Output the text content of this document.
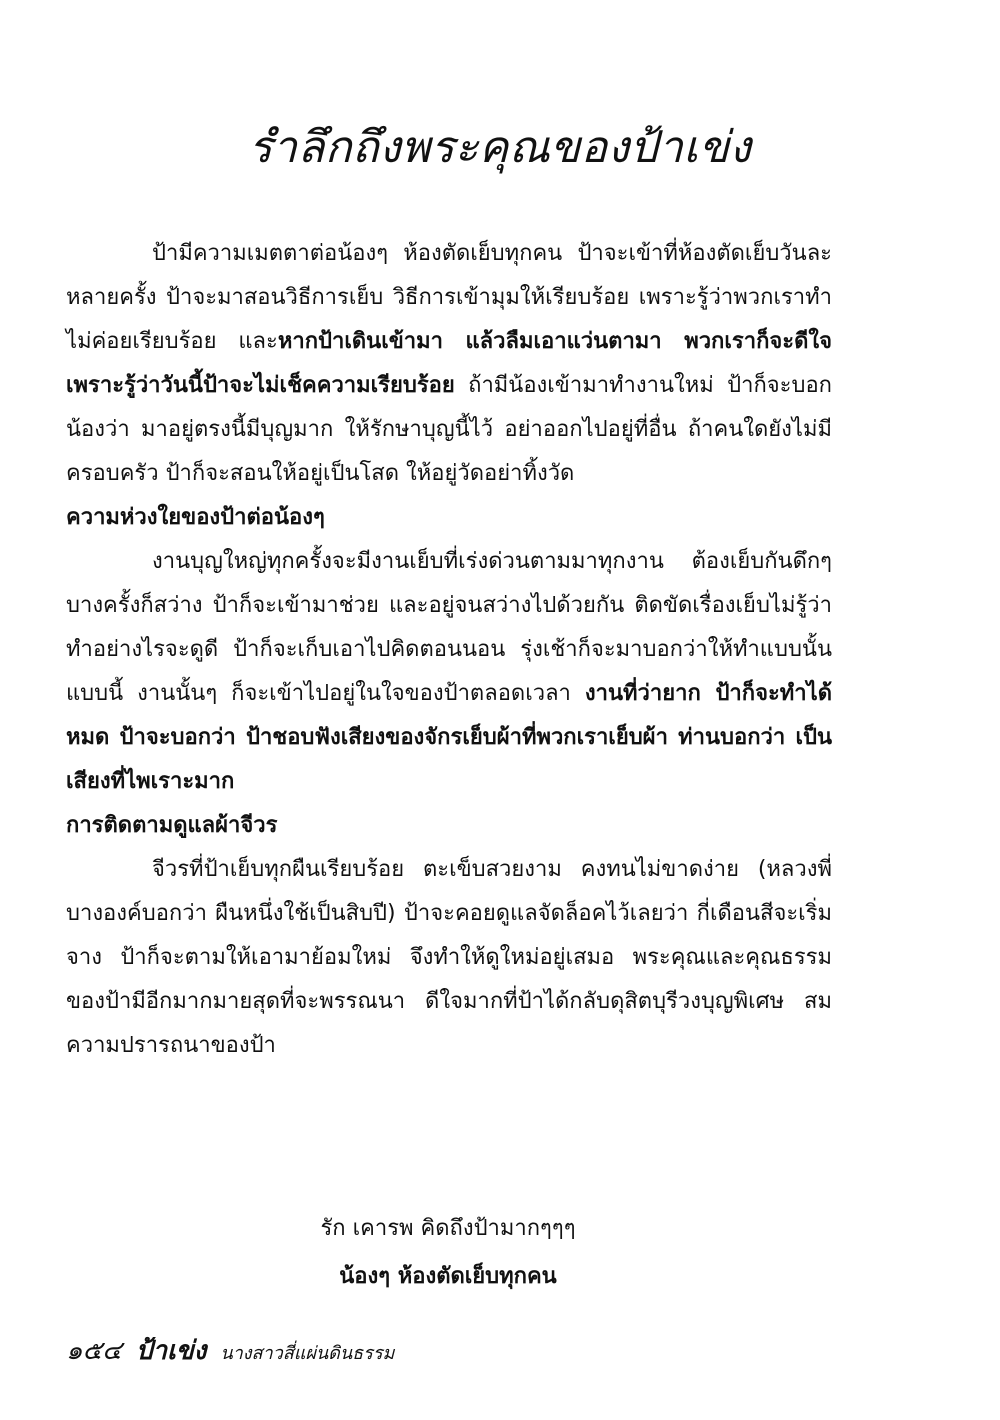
รำลึกถึงพระคุณของป้าเข่ง

ป้ามีความเมตตาต่อน้องๆ ห้องตัดเย็บทุกคน ป้าจะเข้าที่ห้องตัดเย็บวันละหลายครั้ง ป้าจะมาสอนวิธีการเย็บ วิธีการเข้ามุมให้เรียบร้อย เพราะรู้ว่าพวกเราทำไม่ค่อยเรียบร้อย และหากป้าเดินเข้ามา แล้วลืมเอาแว่นตามา พวกเราก็จะดีใจ เพราะรู้ว่าวันนี้ป้าจะไม่เช็คความเรียบร้อย ถ้ามีน้องเข้ามาทำงานใหม่ ป้าก็จะบอกน้องว่า มาอยู่ตรงนี้มีบุญมาก ให้รักษาบุญนี้ไว้ อย่าออกไปอยู่ที่อื่น ถ้าคนใดยังไม่มีครอบครัว ป้าก็จะสอนให้อยู่เป็นโสด ให้อยู่วัดอย่าทิ้งวัด

ความห่วงใยของป้าต่อน้องๆ

งานบุญใหญ่ทุกครั้งจะมีงานเย็บที่เร่งด่วนตามมาทุกงาน ต้องเย็บกันดึกๆ บางครั้งก็สว่าง ป้าก็จะเข้ามาช่วย และอยู่จนสว่างไปด้วยกัน ติดขัดเรื่องเย็บไม่รู้ว่าทำอย่างไรจะดูดี ป้าก็จะเก็บเอาไปคิดตอนนอน รุ่งเช้าก็จะมาบอกว่าให้ทำแบบนั้นแบบนี้ งานนั้นๆ ก็จะเข้าไปอยู่ในใจของป้าตลอดเวลา งานที่ว่ายาก ป้าก็จะทำได้หมด ป้าจะบอกว่า ป้าชอบฟังเสียงของจักรเย็บผ้าที่พวกเราเย็บผ้า ท่านบอกว่า เป็นเสียงที่ไพเราะมาก

การติดตามดูแลผ้าจีวร

จีวรที่ป้าเย็บทุกผืนเรียบร้อย ตะเข็บสวยงาม คงทนไม่ขาดง่าย (หลวงพี่บางองค์บอกว่า ผืนหนึ่งใช้เป็นสิบปี) ป้าจะคอยดูแลจัดล็อคไว้เลยว่า กี่เดือนสีจะเริ่มจาง ป้าก็จะตามให้เอามาย้อมใหม่ จึงทำให้ดูใหม่อยู่เสมอ พระคุณและคุณธรรมของป้ามีอีกมากมายสุดที่จะพรรณนา ดีใจมากที่ป้าได้กลับดุสิตบุรีวงบุญพิเศษ สมความปรารถนาของป้า

รัก เคารพ คิดถึงป้ามากๆๆๆ
น้องๆ ห้องตัดเย็บทุกคน
๑๕๔ ป้าเข่ง นางสาวสี่แผ่นดินธรรม
